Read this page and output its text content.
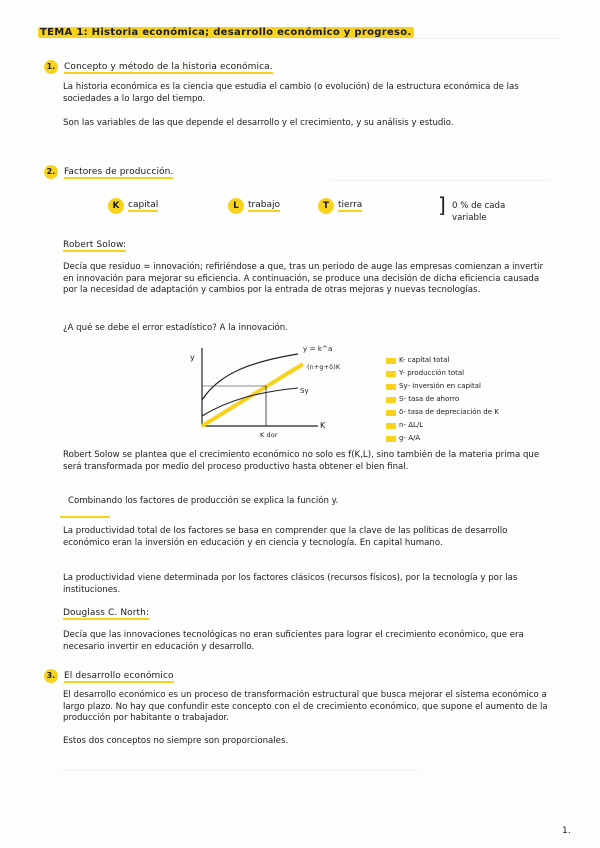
TEMA 1: Historia económica; desarrollo económico y progreso.
1. Concepto y método de la historia económica.
La historia económica es la ciencia que estudia el cambio (o evolución) de la estructura económica de las sociedades a lo largo del tiempo.
Son las variables de las que depende el desarrollo y el crecimiento, y su análisis y estudio.
2. Factores de producción.
K capital	L	trabajo	T tierra	] 0 % de cada variable
Robert Solow:
Decía que residuo = innovación; refiriéndose a que, tras un periodo de auge las empresas comienzan a invertir en innovación para mejorar su eficiencia. A continuación, se produce una decisión de dicha eficiencia causada por la necesidad de adaptación y cambios por la entrada de otras mejoras y nuevas tecnologías.
¿A qué se debe el error estadístico? A la innovación.
y
K
y = k^a
(n+g+δ)K
Sy
K dor
K- capital total
Y- producción total
Sy- inversión en capital
S- tasa de ahorro
δ- tasa de depreciación de K
n- ΔL/L
g- A/A
Robert Solow se plantea que el crecimiento económico no solo es f(K,L), sino también de la materia prima que será transformada por medio del proceso productivo hasta obtener el bien final.
Combinando los factores de producción se explica la función y.
La productividad total de los factores se basa en comprender que la clave de las políticas de desarrollo económico eran la inversión en educación y en ciencia y tecnología. En capital humano.
La productividad viene determinada por los factores clásicos (recursos físicos), por la tecnología y por las instituciones.
Douglass C. North:
Decía que las innovaciones tecnológicas no eran suficientes para lograr el crecimiento económico, que era necesario invertir en educación y desarrollo.
3. El desarrollo económico
El desarrollo económico es un proceso de transformación estructural que busca mejorar el sistema económico a largo plazo. No hay que confundir este concepto con el de crecimiento económico, que supone el aumento de la producción por habitante o trabajador.
Estos dos conceptos no siempre son proporcionales.
1.
